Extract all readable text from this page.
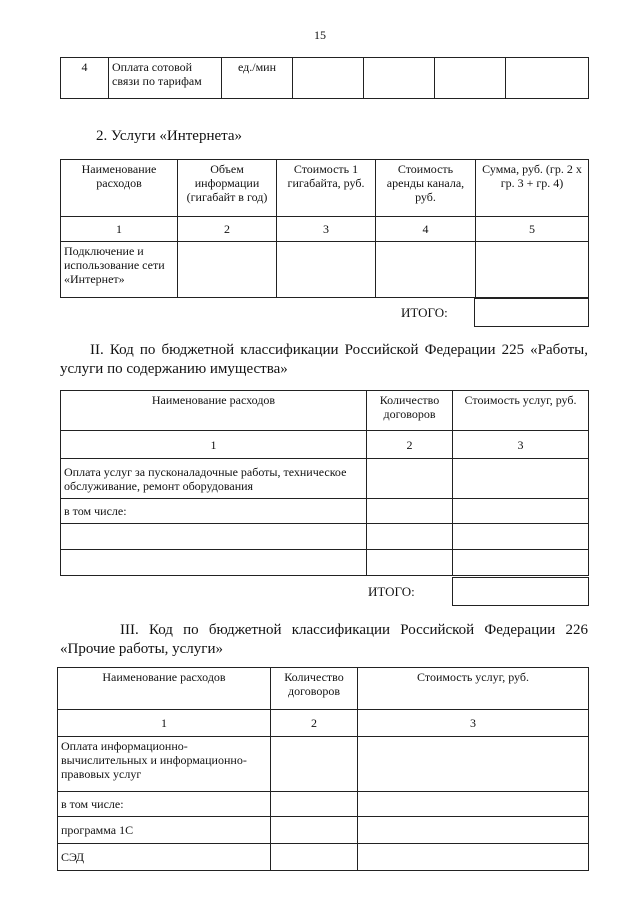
15
4	Оплата сотовой связи по тарифам	ед./мин				
2. Услуги «Интернета»
Наименование расходов	Объем информации (гигабайт в год)	Стоимость 1 гигабайта, руб.	Стоимость аренды канала, руб.	Сумма, руб. (гр. 2 х гр. 3 + гр. 4)
1	2	3	4	5
Подключение и использование сети «Интернет»				
ИТОГО:
II. Код по бюджетной классификации Российской Федерации 225 «Работы, услуги по содержанию имущества»
Наименование расходов	Количество договоров	Стоимость услуг, руб.
1	2	3
Оплата услуг за пусконаладочные работы, техническое обслуживание, ремонт оборудования		
в том числе:		

ИТОГО:
III. Код по бюджетной классификации Российской Федерации 226 «Прочие работы, услуги»
Наименование расходов	Количество договоров	Стоимость услуг, руб.
1	2	3
Оплата информационно-вычислительных и информационно-правовых услуг		
в том числе:		
программа 1С		
СЭД		
